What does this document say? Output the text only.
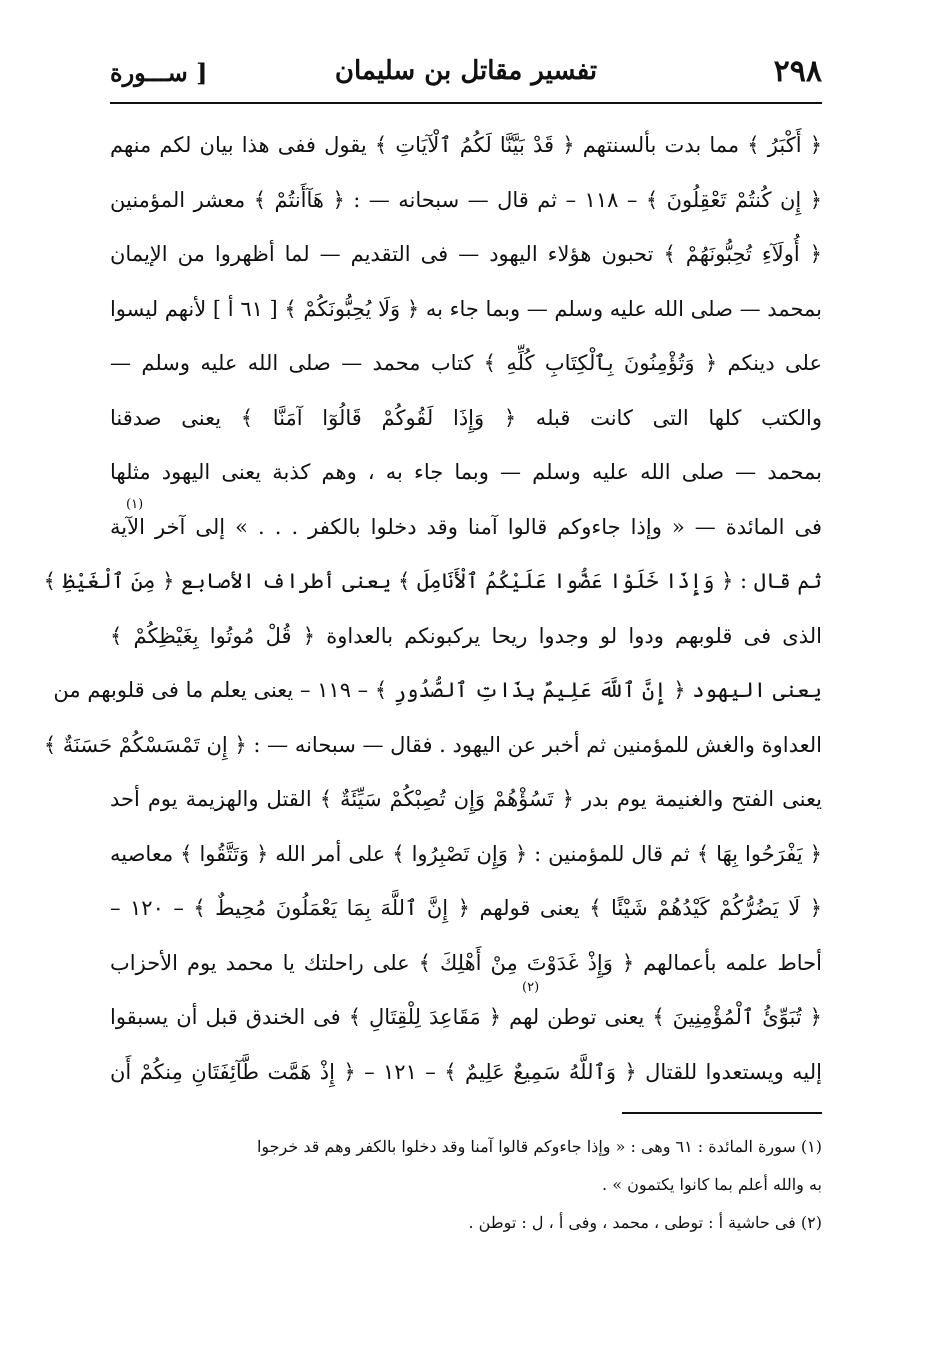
٢٩٨
تفسير مقاتل بن سليمان
[ ســـورة
﴿ أَكْبَرُ ﴾ مما بدت بألسنتهم ﴿ قَدْ بَيَّنَّا لَكُمُ ٱلْآيَاتِ ﴾ يقول ففى هذا بيان لكم منهم
﴿ إِن كُنتُمْ تَعْقِلُونَ ﴾ – ١١٨ – ثم قال — سبحانه — : ﴿ هَآأَنتُمْ ﴾ معشر المؤمنين
﴿ أُولَآءِ تُحِبُّونَهُمْ ﴾ تحبون هؤلاء اليهود — فى التقديم — لما أظهروا من الإيمان
بمحمد — صلى الله عليه وسلم — وبما جاء به ﴿ وَلَا يُحِبُّونَكُمْ ﴾ [ ٦١ أ ] لأنهم ليسوا
على دينكم ﴿ وَتُؤْمِنُونَ بِٱلْكِتَابِ كُلِّهِ ﴾ كتاب محمد — صلى الله عليه وسلم —
والكتب كلها التى كانت قبله ﴿ وَإِذَا لَقُوكُمْ قَالُوٓا آمَنَّا ﴾ يعنى صدقنا
بمحمد — صلى الله عليه وسلم — وبما جاء به ، وهم كذبة يعنى اليهود مثلها
فى المائدة — « وإذا جاءوكم قالوا آمنا وقد دخلوا بالكفر . . . » إلى آخر الآية
ثم قال : ﴿ وَإِذَا خَلَوْا عَضُّوا عَلَيْكُمُ ٱلْأَنَامِلَ ﴾ يعنى أطراف الأصابع ﴿ مِنَ ٱلْغَيْظِ ﴾
الذى فى قلوبهم ودوا لو وجدوا ريحا يركبونكم بالعداوة ﴿ قُلْ مُوتُوا بِغَيْظِكُمْ ﴾
يعنى اليهود ﴿ إِنَّ ٱللَّهَ عَلِيمٌ بِذَاتِ ٱلصُّدُورِ ﴾ – ١١٩ – يعنى يعلم ما فى قلوبهم من
العداوة والغش للمؤمنين ثم أخبر عن اليهود . فقال — سبحانه — : ﴿ إِن تَمْسَسْكُمْ حَسَنَةٌ ﴾
يعنى الفتح والغنيمة يوم بدر ﴿ تَسُؤْهُمْ وَإِن تُصِبْكُمْ سَيِّئَةٌ ﴾ القتل والهزيمة يوم أحد
﴿ يَفْرَحُوا بِهَا ﴾ ثم قال للمؤمنين : ﴿ وَإِن تَصْبِرُوا ﴾ على أمر الله ﴿ وَتَتَّقُوا ﴾ معاصيه
﴿ لَا يَضُرُّكُمْ كَيْدُهُمْ شَيْئًا ﴾ يعنى قولهم ﴿ إِنَّ ٱللَّهَ بِمَا يَعْمَلُونَ مُحِيطٌ ﴾ – ١٢٠ –
أحاط علمه بأعمالهم ﴿ وَإِذْ غَدَوْتَ مِنْ أَهْلِكَ ﴾ على راحلتك يا محمد يوم الأحزاب
﴿ تُبَوِّئُ ٱلْمُؤْمِنِينَ ﴾ يعنى توطن لهم ﴿ مَقَاعِدَ لِلْقِتَالِ ﴾ فى الخندق قبل أن يسبقوا
إليه ويستعدوا للقتال ﴿ وَٱللَّهُ سَمِيعٌ عَلِيمٌ ﴾ – ١٢١ – ﴿ إِذْ هَمَّت طَّآئِفَتَانِ مِنكُمْ أَن
(١)
(٢)
(١) سورة المائدة : ٦١ وهى : « وإذا جاءوكم قالوا آمنا وقد دخلوا بالكفر وهم قد خرجوا
به والله أعلم بما كانوا يكتمون » .
(٢) فى حاشية أ : توطى ، محمد ، وفى أ ، ل : توطن .
